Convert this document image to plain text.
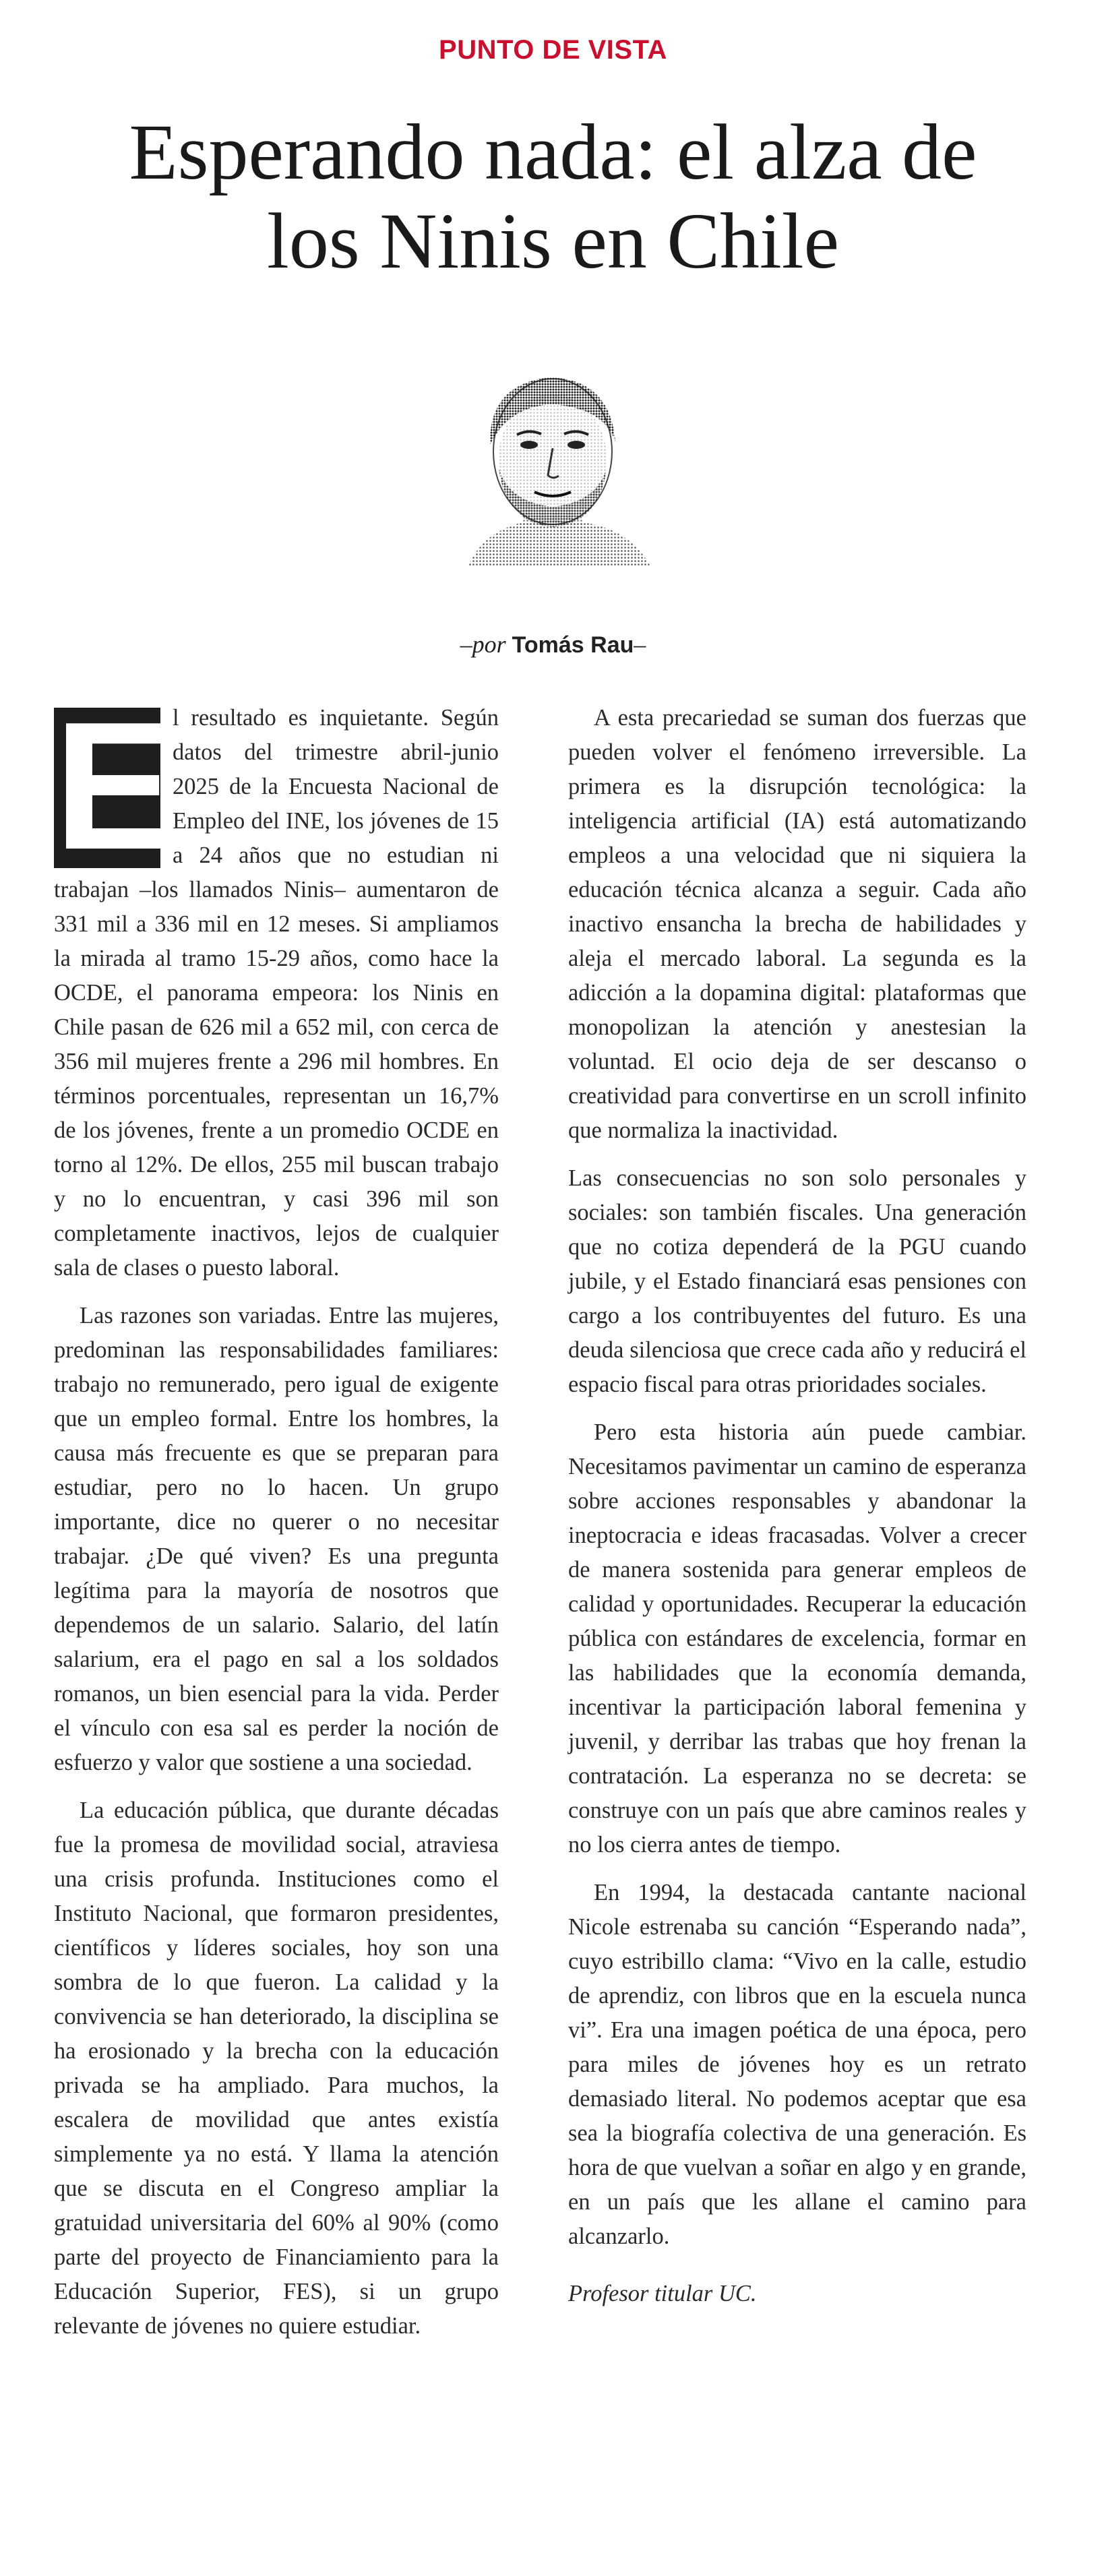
PUNTO DE VISTA
Esperando nada: el alza de
los Ninis en Chile
–por Tomás Rau–

E
l resultado es inquietante. Según datos del trimestre abril-junio 2025 de la Encuesta Nacional de Empleo del INE, los jóvenes de 15 a 24 años que no estudian ni trabajan –los llamados Ninis– aumentaron de 331 mil a 336 mil en 12 meses. Si ampliamos la mirada al tramo 15-29 años, como hace la OCDE, el panorama empeora: los Ninis en Chile pasan de 626 mil a 652 mil, con cerca de 356 mil mujeres frente a 296 mil hombres. En términos porcentuales, representan un 16,7% de los jóvenes, frente a un promedio OCDE en torno al 12%. De ellos, 255 mil buscan trabajo y no lo encuentran, y casi 396 mil son completamente inactivos, lejos de cualquier sala de clases o puesto laboral.

Las razones son variadas. Entre las mujeres, predominan las responsabilidades familiares: trabajo no remunerado, pero igual de exigente que un empleo formal. Entre los hombres, la causa más frecuente es que se preparan para estudiar, pero no lo hacen. Un grupo importante, dice no querer o no necesitar trabajar. ¿De qué viven? Es una pregunta legítima para la mayoría de nosotros que dependemos de un salario. Salario, del latín salarium, era el pago en sal a los soldados romanos, un bien esencial para la vida. Perder el vínculo con esa sal es perder la noción de esfuerzo y valor que sostiene a una sociedad.

La educación pública, que durante décadas fue la promesa de movilidad social, atraviesa una crisis profunda. Instituciones como el Instituto Nacional, que formaron presidentes, científicos y líderes sociales, hoy son una sombra de lo que fueron. La calidad y la convivencia se han deteriorado, la disciplina se ha erosionado y la brecha con la educación privada se ha ampliado. Para muchos, la escalera de movilidad que antes existía simplemente ya no está. Y llama la atención que se discuta en el Congreso ampliar la gratuidad universitaria del 60% al 90% (como parte del proyecto de Financiamiento para la Educación Superior, FES), si un grupo relevante de jóvenes no quiere estudiar.

A esta precariedad se suman dos fuerzas que pueden volver el fenómeno irreversible. La primera es la disrupción tecnológica: la inteligencia artificial (IA) está automatizando empleos a una velocidad que ni siquiera la educación técnica alcanza a seguir. Cada año inactivo ensancha la brecha de habilidades y aleja el mercado laboral. La segunda es la adicción a la dopamina digital: plataformas que monopolizan la atención y anestesian la voluntad. El ocio deja de ser descanso o creatividad para convertirse en un scroll infinito que normaliza la inactividad.

Las consecuencias no son solo personales y sociales: son también fiscales. Una generación que no cotiza dependerá de la PGU cuando jubile, y el Estado financiará esas pensiones con cargo a los contribuyentes del futuro. Es una deuda silenciosa que crece cada año y reducirá el espacio fiscal para otras prioridades sociales.

Pero esta historia aún puede cambiar. Necesitamos pavimentar un camino de esperanza sobre acciones responsables y abandonar la ineptocracia e ideas fracasadas. Volver a crecer de manera sostenida para generar empleos de calidad y oportunidades. Recuperar la educación pública con estándares de excelencia, formar en las habilidades que la economía demanda, incentivar la participación laboral femenina y juvenil, y derribar las trabas que hoy frenan la contratación. La esperanza no se decreta: se construye con un país que abre caminos reales y no los cierra antes de tiempo.

En 1994, la destacada cantante nacional Nicole estrenaba su canción “Esperando nada”, cuyo estribillo clama: “Vivo en la calle, estudio de aprendiz, con libros que en la escuela nunca vi”. Era una imagen poética de una época, pero para miles de jóvenes hoy es un retrato demasiado literal. No podemos aceptar que esa sea la biografía colectiva de una generación. Es hora de que vuelvan a soñar en algo y en grande, en un país que les allane el camino para alcanzarlo.

Profesor titular UC.
